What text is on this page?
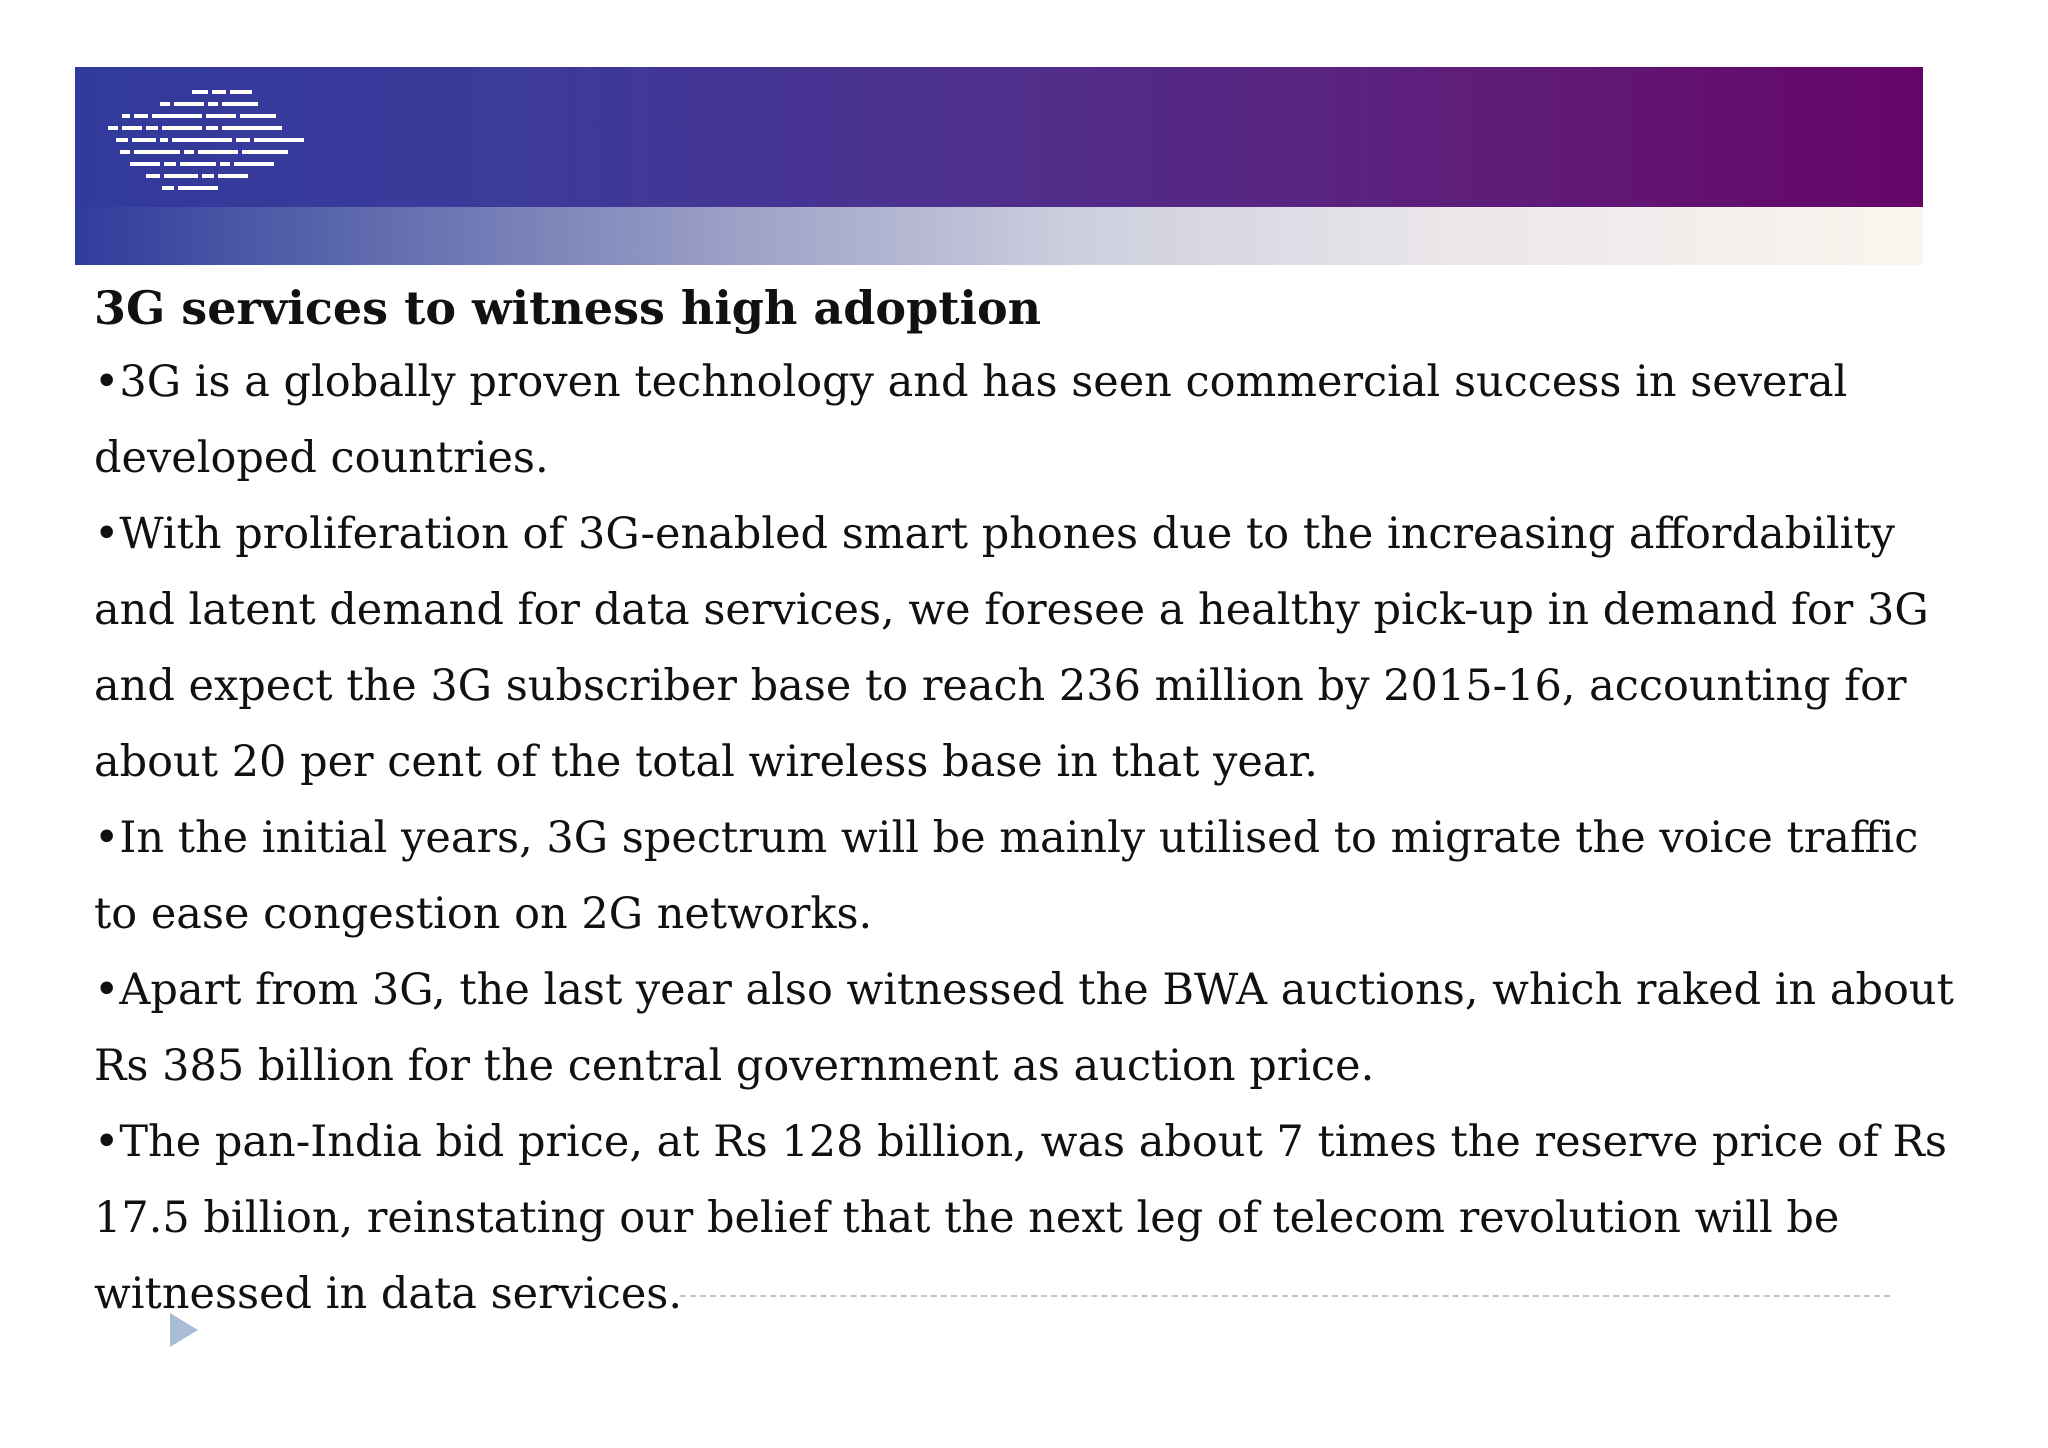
3G services to witness high adoption
•3G is a globally proven technology and has seen commercial success in several developed countries.
•With proliferation of 3G-enabled smart phones due to the increasing affordability and latent demand for data services, we foresee a healthy pick-up in demand for 3G and expect the 3G subscriber base to reach 236 million by 2015-16, accounting for about 20 per cent of the total wireless base in that year.
•In the initial years, 3G spectrum will be mainly utilised to migrate the voice traffic to ease congestion on 2G networks.
•Apart from 3G, the last year also witnessed the BWA auctions, which raked in about Rs 385 billion for the central government as auction price.
•The pan-India bid price, at Rs 128 billion, was about 7 times the reserve price of Rs 17.5 billion, reinstating our belief that the next leg of telecom revolution will be witnessed in data services.
